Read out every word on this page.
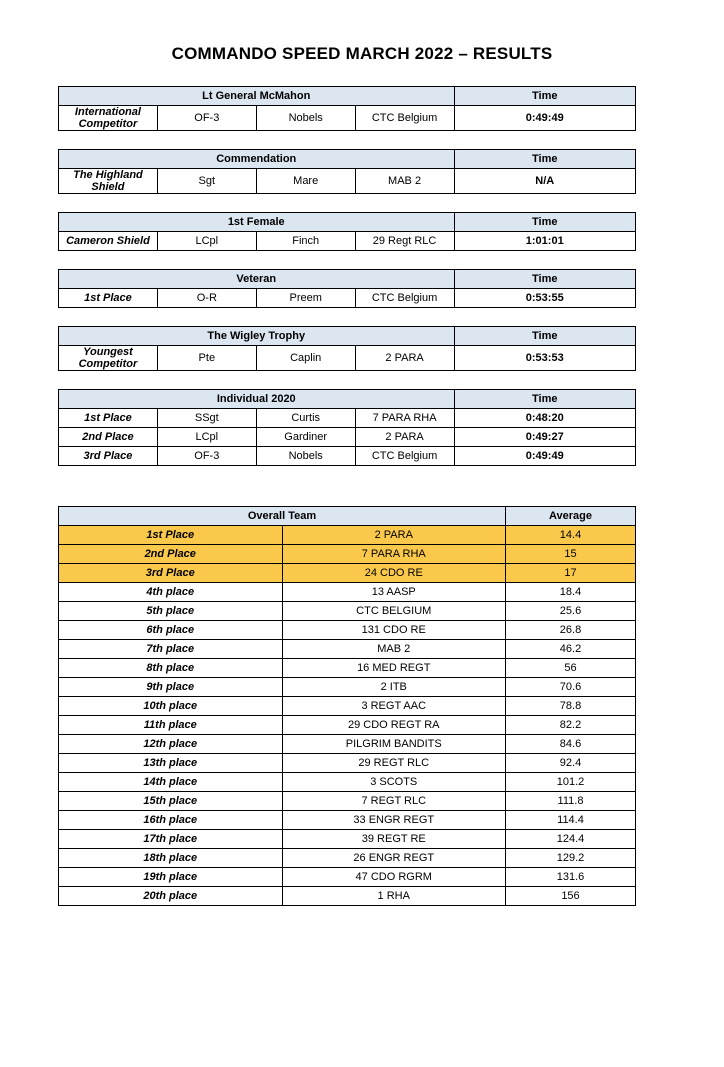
COMMANDO SPEED MARCH 2022 – RESULTS
Lt General McMahon				Time
International Competitor	OF-3	Nobels	CTC Belgium	0:49:49
Commendation				Time
The Highland Shield	Sgt	Mare	MAB 2	N/A
1st Female				Time
Cameron Shield	LCpl	Finch	29 Regt RLC	1:01:01
Veteran				Time
1st Place	O-R	Preem	CTC Belgium	0:53:55
The Wigley Trophy				Time
Youngest Competitor	Pte	Caplin	2 PARA	0:53:53
Individual 2020				Time
1st Place	SSgt	Curtis	7 PARA RHA	0:48:20
2nd Place	LCpl	Gardiner	2 PARA	0:49:27
3rd Place	OF-3	Nobels	CTC Belgium	0:49:49
Overall Team		Average
1st Place	2 PARA	14.4
2nd Place	7 PARA RHA	15
3rd Place	24 CDO RE	17
4th place	13 AASP	18.4
5th place	CTC BELGIUM	25.6
6th place	131 CDO RE	26.8
7th place	MAB 2	46.2
8th place	16 MED REGT	56
9th place	2 ITB	70.6
10th place	3 REGT AAC	78.8
11th place	29 CDO REGT RA	82.2
12th place	PILGRIM BANDITS	84.6
13th place	29 REGT RLC	92.4
14th place	3 SCOTS	101.2
15th place	7 REGT RLC	111.8
16th place	33 ENGR REGT	114.4
17th place	39 REGT RE	124.4
18th place	26 ENGR REGT	129.2
19th place	47 CDO RGRM	131.6
20th place	1 RHA	156
